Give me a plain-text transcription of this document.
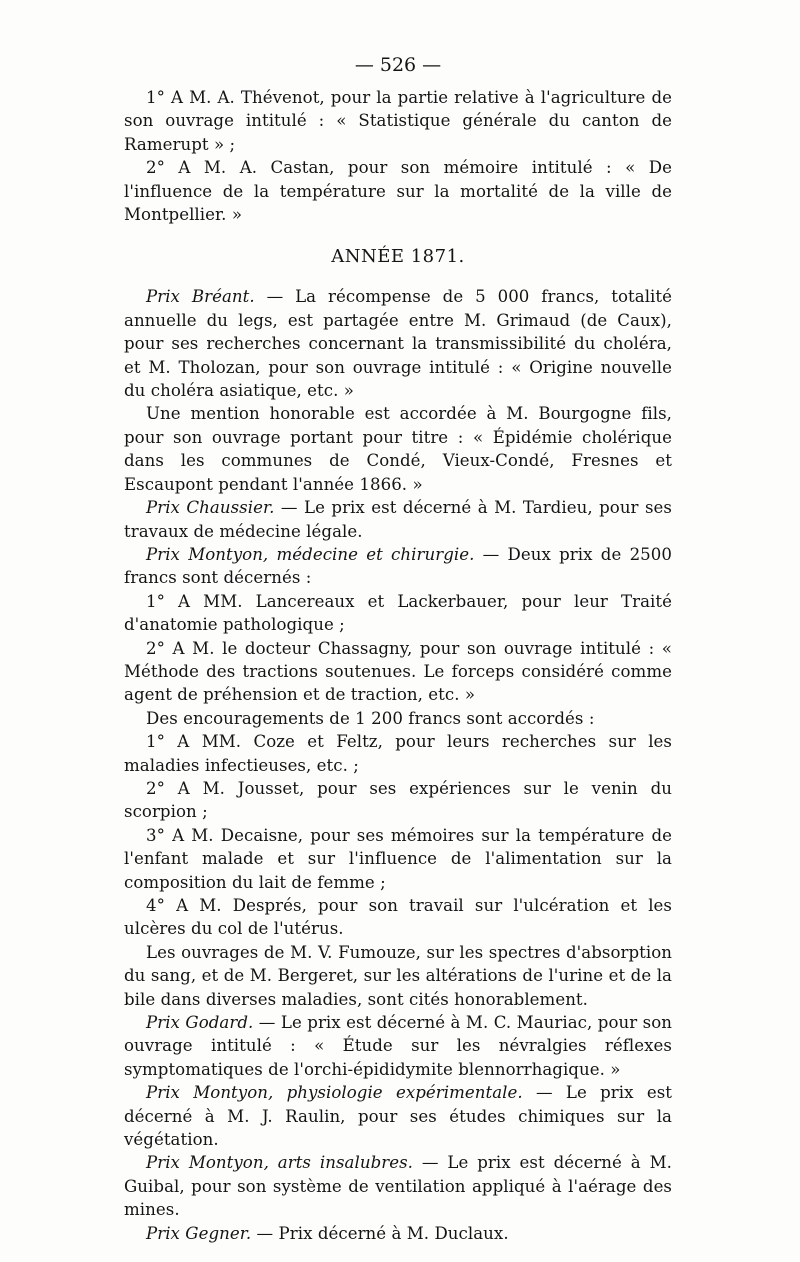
— 526 —

1° A M. A. Thévenot, pour la partie relative à l'agriculture de son ouvrage intitulé : « Statistique générale du canton de Ramerupt » ;

2° A M. A. Castan, pour son mémoire intitulé : « De l'influence de la température sur la mortalité de la ville de Montpellier. »

ANNÉE 1871.

Prix Bréant. — La récompense de 5 000 francs, totalité annuelle du legs, est partagée entre M. Grimaud (de Caux), pour ses recherches concernant la transmissibilité du choléra, et M. Tholozan, pour son ouvrage intitulé : « Origine nouvelle du choléra asiatique, etc. »

Une mention honorable est accordée à M. Bourgogne fils, pour son ouvrage portant pour titre : « Épidémie cholérique dans les communes de Condé, Vieux-Condé, Fresnes et Escaupont pendant l'année 1866. »

Prix Chaussier. — Le prix est décerné à M. Tardieu, pour ses travaux de médecine légale.

Prix Montyon, médecine et chirurgie. — Deux prix de 2500 francs sont décernés :

1° A MM. Lancereaux et Lackerbauer, pour leur Traité d'anatomie pathologique ;

2° A M. le docteur Chassagny, pour son ouvrage intitulé : « Méthode des tractions soutenues. Le forceps considéré comme agent de préhension et de traction, etc. »

Des encouragements de 1 200 francs sont accordés :

1° A MM. Coze et Feltz, pour leurs recherches sur les maladies infectieuses, etc. ;

2° A M. Jousset, pour ses expériences sur le venin du scorpion ;

3° A M. Decaisne, pour ses mémoires sur la température de l'enfant malade et sur l'influence de l'alimentation sur la composition du lait de femme ;

4° A M. Després, pour son travail sur l'ulcération et les ulcères du col de l'utérus.

Les ouvrages de M. V. Fumouze, sur les spectres d'absorption du sang, et de M. Bergeret, sur les altérations de l'urine et de la bile dans diverses maladies, sont cités honorablement.

Prix Godard. — Le prix est décerné à M. C. Mauriac, pour son ouvrage intitulé : « Étude sur les névralgies réflexes symptomatiques de l'orchi-épididymite blennorrhagique. »

Prix Montyon, physiologie expérimentale. — Le prix est décerné à M. J. Raulin, pour ses études chimiques sur la végétation.

Prix Montyon, arts insalubres. — Le prix est décerné à M. Guibal, pour son système de ventilation appliqué à l'aérage des mines.

Prix Gegner. — Prix décerné à M. Duclaux.
